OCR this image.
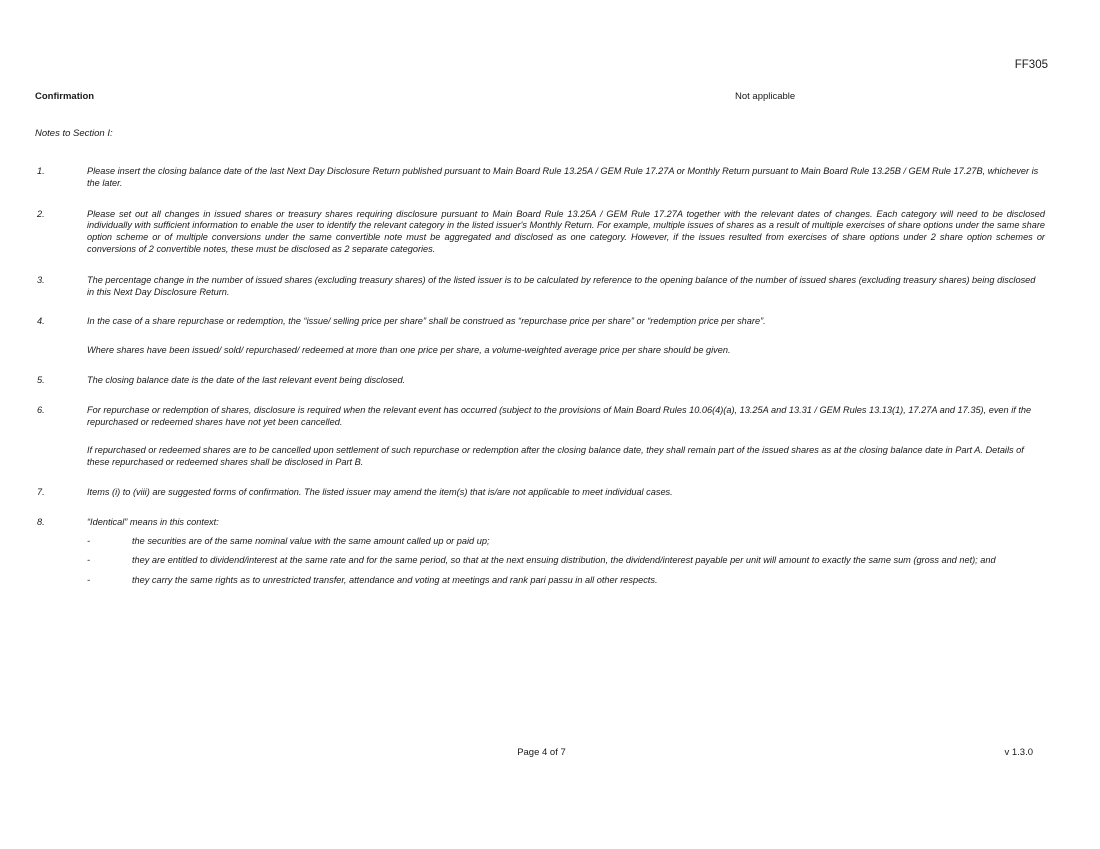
FF305
Confirmation	Not applicable
Notes to Section I:
1.	Please insert the closing balance date of the last Next Day Disclosure Return published pursuant to Main Board Rule 13.25A / GEM Rule 17.27A or Monthly Return pursuant to Main Board Rule 13.25B / GEM Rule 17.27B, whichever is the later.

2.	Please set out all changes in issued shares or treasury shares requiring disclosure pursuant to Main Board Rule 13.25A / GEM Rule 17.27A together with the relevant dates of changes. Each category will need to be disclosed individually with sufficient information to enable the user to identify the relevant category in the listed issuer's Monthly Return. For example, multiple issues of shares as a result of multiple exercises of share options under the same share option scheme or of multiple conversions under the same convertible note must be aggregated and disclosed as one category. However, if the issues resulted from exercises of share options under 2 share option schemes or conversions of 2 convertible notes, these must be disclosed as 2 separate categories.

3.	The percentage change in the number of issued shares (excluding treasury shares) of the listed issuer is to be calculated by reference to the opening balance of the number of issued shares (excluding treasury shares) being disclosed in this Next Day Disclosure Return.

4.	In the case of a share repurchase or redemption, the “issue/ selling price per share” shall be construed as “repurchase price per share” or “redemption price per share”.

Where shares have been issued/ sold/ repurchased/ redeemed at more than one price per share, a volume-weighted average price per share should be given.

5.	The closing balance date is the date of the last relevant event being disclosed.

6.	For repurchase or redemption of shares, disclosure is required when the relevant event has occurred (subject to the provisions of Main Board Rules 10.06(4)(a), 13.25A and 13.31 / GEM Rules 13.13(1), 17.27A and 17.35), even if the repurchased or redeemed shares have not yet been cancelled.

If repurchased or redeemed shares are to be cancelled upon settlement of such repurchase or redemption after the closing balance date, they shall remain part of the issued shares as at the closing balance date in Part A. Details of these repurchased or redeemed shares shall be disclosed in Part B.

7.	Items (i) to (viii) are suggested forms of confirmation. The listed issuer may amend the item(s) that is/are not applicable to meet individual cases.

8.	“Identical” means in this context:

-	the securities are of the same nominal value with the same amount called up or paid up;
-	they are entitled to dividend/interest at the same rate and for the same period, so that at the next ensuing distribution, the dividend/interest payable per unit will amount to exactly the same sum (gross and net); and
-	they carry the same rights as to unrestricted transfer, attendance and voting at meetings and rank pari passu in all other respects.
Page 4 of 7	v 1.3.0
